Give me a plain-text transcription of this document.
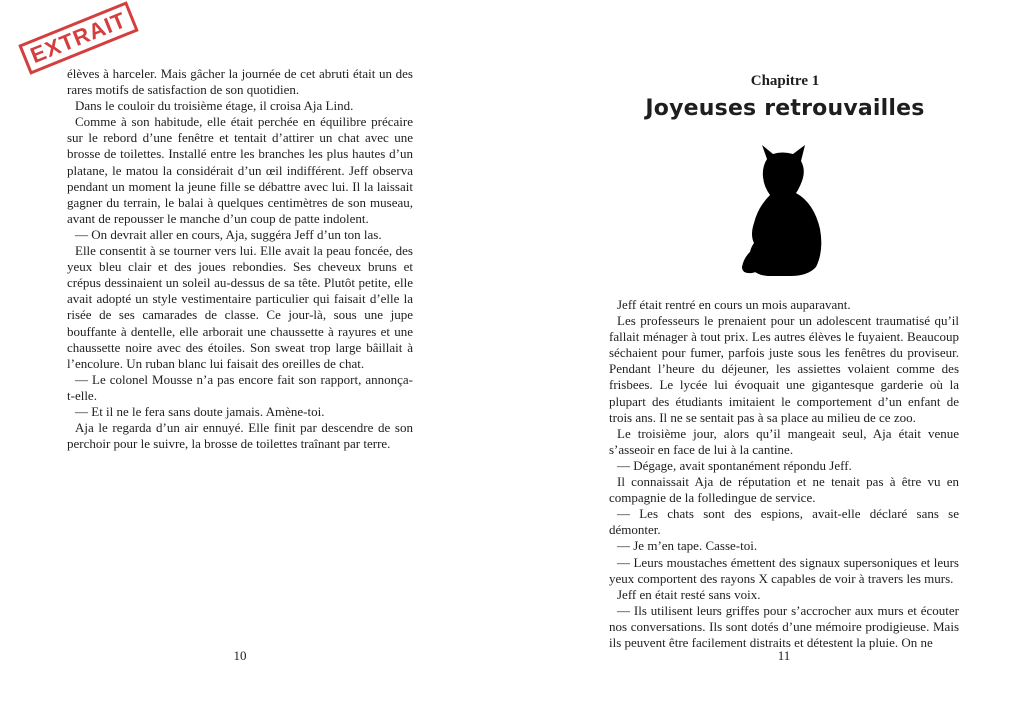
EXTRAIT

élèves à harceler. Mais gâcher la journée de cet abruti était un des rares motifs de satisfaction de son quotidien.

Dans le couloir du troisième étage, il croisa Aja Lind.

Comme à son habitude, elle était perchée en équilibre précaire sur le rebord d’une fenêtre et tentait d’attirer un chat avec une brosse de toilettes. Installé entre les branches les plus hautes d’un platane, le matou la considérait d’un œil indifférent. Jeff observa pendant un moment la jeune fille se débattre avec lui. Il la laissait gagner du terrain, le balai à quelques centimètres de son museau, avant de repousser le manche d’un coup de patte indolent.

— On devrait aller en cours, Aja, suggéra Jeff d’un ton las.

Elle consentit à se tourner vers lui. Elle avait la peau foncée, des yeux bleu clair et des joues rebondies. Ses cheveux bruns et crépus dessinaient un soleil au-dessus de sa tête. Plutôt petite, elle avait adopté un style vestimentaire particulier qui faisait d’elle la risée de ses camarades de classe. Ce jour-là, sous une jupe bouffante à dentelle, elle arborait une chaussette à rayures et une chaussette noire avec des étoiles. Son sweat trop large bâillait à l’encolure. Un ruban blanc lui faisait des oreilles de chat.

— Le colonel Mousse n’a pas encore fait son rapport, annonça-t-elle.

— Et il ne le fera sans doute jamais. Amène-toi.

Aja le regarda d’un air ennuyé. Elle finit par descendre de son perchoir pour le suivre, la brosse de toilettes traînant par terre.

10
Chapitre 1
Joyeuses retrouvailles

Jeff était rentré en cours un mois auparavant.

Les professeurs le prenaient pour un adolescent traumatisé qu’il fallait ménager à tout prix. Les autres élèves le fuyaient. Beaucoup séchaient pour fumer, parfois juste sous les fenêtres du proviseur. Pendant l’heure du déjeuner, les assiettes volaient comme des frisbees. Le lycée lui évoquait une gigantesque garderie où la plupart des étudiants imitaient le comportement d’un enfant de trois ans. Il ne se sentait pas à sa place au milieu de ce zoo.

Le troisième jour, alors qu’il mangeait seul, Aja était venue s’asseoir en face de lui à la cantine.

— Dégage, avait spontanément répondu Jeff.

Il connaissait Aja de réputation et ne tenait pas à être vu en compagnie de la folledingue de service.

— Les chats sont des espions, avait-elle déclaré sans se démonter.

— Je m’en tape. Casse-toi.

— Leurs moustaches émettent des signaux supersoniques et leurs yeux comportent des rayons X capables de voir à travers les murs.

Jeff en était resté sans voix.

— Ils utilisent leurs griffes pour s’accrocher aux murs et écouter nos conversations. Ils sont dotés d’une mémoire prodigieuse. Mais ils peuvent être facilement distraits et détestent la pluie. On ne

11
